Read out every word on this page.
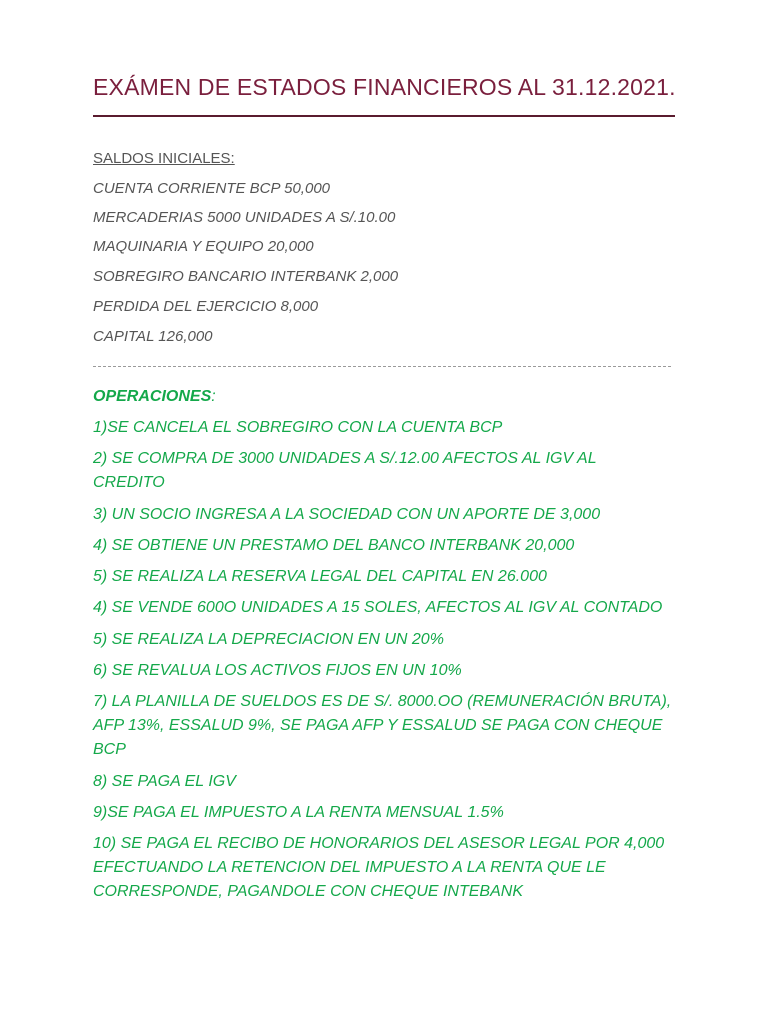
EXÁMEN DE ESTADOS FINANCIEROS AL 31.12.2021.
SALDOS INICIALES:
CUENTA CORRIENTE BCP 50,000
MERCADERIAS 5000 UNIDADES A S/.10.00
MAQUINARIA Y EQUIPO 20,000
SOBREGIRO BANCARIO INTERBANK 2,000
PERDIDA DEL EJERCICIO 8,000
CAPITAL 126,000
OPERACIONES:
1)SE CANCELA EL SOBREGIRO CON LA CUENTA BCP
2) SE COMPRA DE 3000 UNIDADES A S/.12.00 AFECTOS AL IGV AL CREDITO
3) UN SOCIO INGRESA A LA SOCIEDAD CON UN APORTE DE 3,000
4) SE OBTIENE UN PRESTAMO DEL BANCO INTERBANK 20,000
5) SE REALIZA LA RESERVA LEGAL DEL CAPITAL EN 26.000
4) SE VENDE 600O UNIDADES A 15 SOLES, AFECTOS AL IGV AL CONTADO
5) SE REALIZA LA DEPRECIACION EN UN 20%
6) SE REVALUA LOS ACTIVOS FIJOS EN UN 10%
7) LA PLANILLA DE SUELDOS ES DE S/. 8000.OO (REMUNERACIÓN BRUTA), AFP 13%, ESSALUD 9%, SE PAGA AFP Y ESSALUD SE PAGA CON CHEQUE BCP
8) SE PAGA EL IGV
9)SE PAGA EL IMPUESTO A LA RENTA MENSUAL 1.5%
10) SE PAGA EL RECIBO DE HONORARIOS DEL ASESOR LEGAL POR 4,000 EFECTUANDO LA RETENCION DEL IMPUESTO A LA RENTA QUE LE CORRESPONDE, PAGANDOLE CON CHEQUE INTEBANK
